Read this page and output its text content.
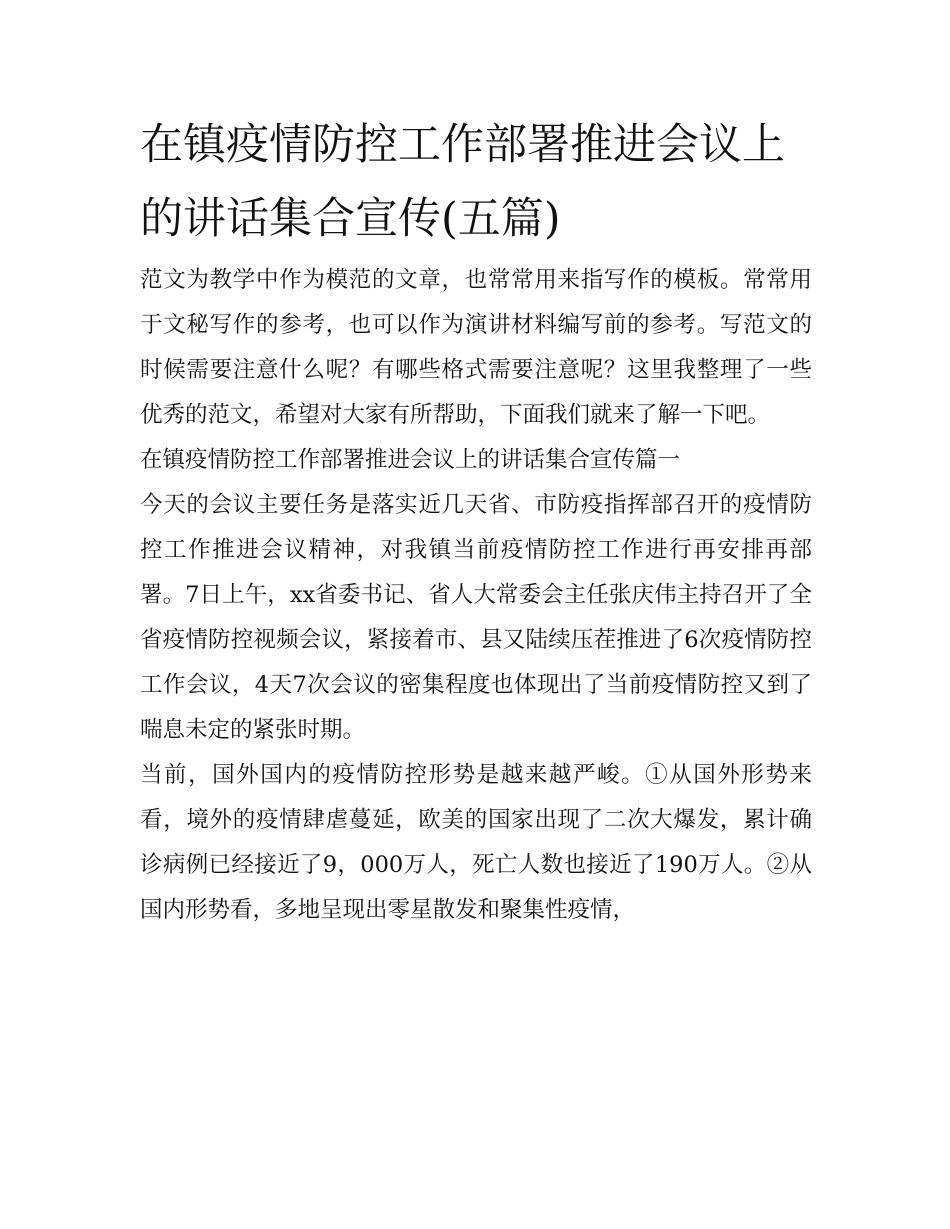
在镇疫情防控工作部署推进会议上的讲话集合宣传(五篇)

范文为教学中作为模范的文章，也常常用来指写作的模板。常常用于文秘写作的参考，也可以作为演讲材料编写前的参考。写范文的时候需要注意什么呢？有哪些格式需要注意呢？这里我整理了一些优秀的范文，希望对大家有所帮助，下面我们就来了解一下吧。

在镇疫情防控工作部署推进会议上的讲话集合宣传篇一

今天的会议主要任务是落实近几天省、市防疫指挥部召开的疫情防控工作推进会议精神，对我镇当前疫情防控工作进行再安排再部署。7日上午，xx省委书记、省人大常委会主任张庆伟主持召开了全省疫情防控视频会议，紧接着市、县又陆续压茬推进了6次疫情防控工作会议，4天7次会议的密集程度也体现出了当前疫情防控又到了喘息未定的紧张时期。

当前，国外国内的疫情防控形势是越来越严峻。①从国外形势来看，境外的疫情肆虐蔓延，欧美的国家出现了二次大爆发，累计确诊病例已经接近了9，000万人，死亡人数也接近了190万人。②从国内形势看，多地呈现出零星散发和聚集性疫情，
